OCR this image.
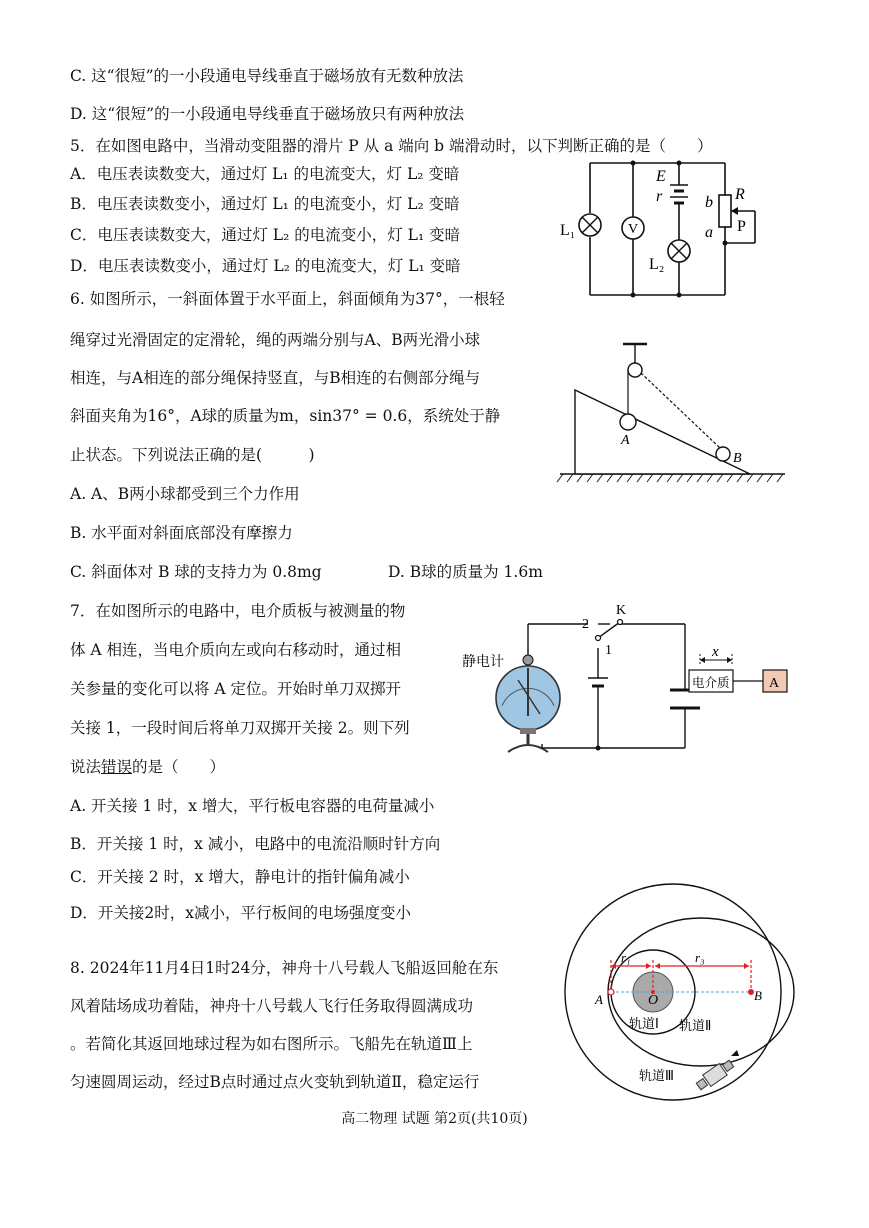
C. 这“很短”的一小段通电导线垂直于磁场放有无数种放法
D. 这“很短”的一小段通电导线垂直于磁场放只有两种放法
5．在如图电路中，当滑动变阻器的滑片 P 从 a 端向 b 端滑动时，以下判断正确的是（　　）
A．电压表读数变大，通过灯 L₁ 的电流变大，灯 L₂ 变暗
B．电压表读数变小，通过灯 L₁ 的电流变小，灯 L₂ 变暗
C．电压表读数变大，通过灯 L₂ 的电流变小，灯 L₁ 变暗
D．电压表读数变小，通过灯 L₂ 的电流变大，灯 L₁ 变暗
6. 如图所示，一斜面体置于水平面上，斜面倾角为37°，一根轻
绳穿过光滑固定的定滑轮，绳的两端分别与A、B两光滑小球
相连，与A相连的部分绳保持竖直，与B相连的右侧部分绳与
斜面夹角为16°，A球的质量为m，sin37° = 0.6，系统处于静
止状态。下列说法正确的是(　　　)
A. A、B两小球都受到三个力作用
B. 水平面对斜面底部没有摩擦力
C. 斜面体对 B 球的支持力为 0.8mg	D. B球的质量为 1.6m
7．在如图所示的电路中，电介质板与被测量的物
体 A 相连，当电介质向左或向右移动时，通过相
关参量的变化可以将 A 定位。开始时单刀双掷开
关接 1，一段时间后将单刀双掷开关接 2。则下列
说法错误的是（　　）
A. 开关接 1 时，x 增大，平行板电容器的电荷量减小
B．开关接 1 时，x 减小，电路中的电流沿顺时针方向
C．开关接 2 时，x 增大，静电计的指针偏角减小
D．开关接2时，x减小，平行板间的电场强度变小
8. 2024年11月4日1时24分，神舟十八号载人飞船返回舱在东
风着陆场成功着陆，神舟十八号载人飞行任务取得圆满成功
。若简化其返回地球过程为如右图所示。飞船先在轨道Ⅲ上
匀速圆周运动，经过B点时通过点火变轨到轨道Ⅱ，稳定运行
V
E
r	b R
P
a
L₁
L₂
A
B
静电计
2
1
K
x
电介质	A
r₁	r₃
A	B
O
轨道Ⅰ 轨道Ⅱ
轨道Ⅲ
高二物理 试题 第2页(共10页)
